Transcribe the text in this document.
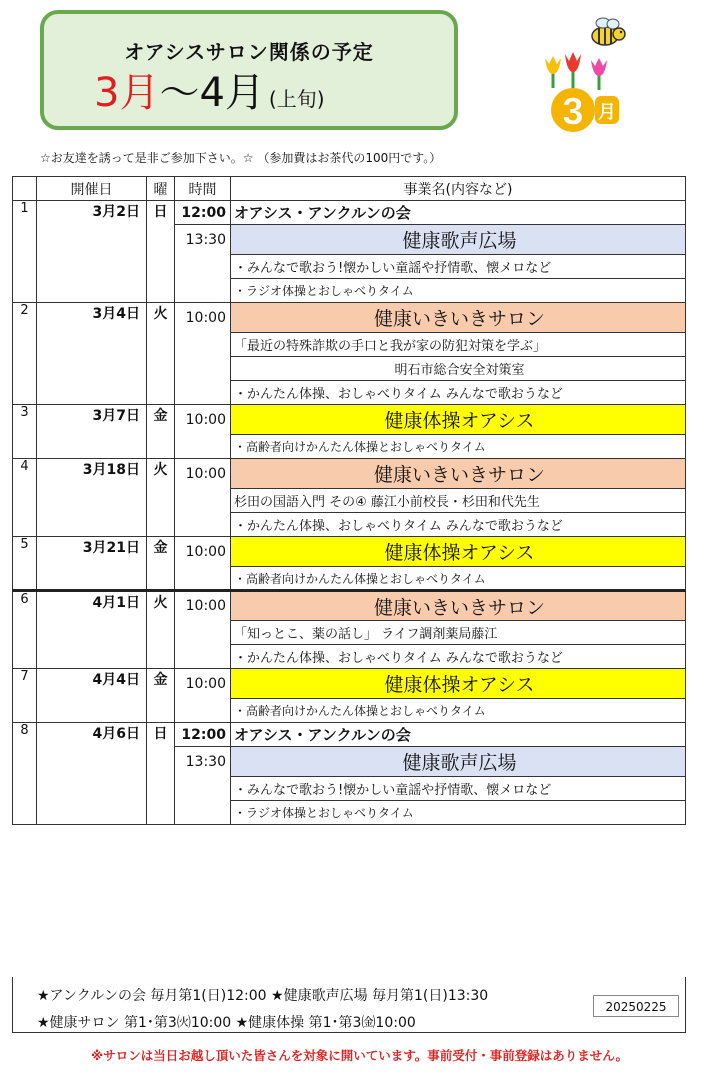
オアシスサロン関係の予定
3月〜4月 (上旬)	3 月
☆お友達を誘って是非ご参加下さい。☆ （参加費はお茶代の100円です。）
	開催日	曜	時間	事業名(内容など)
1	3月2日	日	12:00	オアシス・アンクルンの会
			13:30	健康歌声広場
				・みんなで歌おう!懐かしい童謡や抒情歌、懐メロなど
				・ラジオ体操とおしゃべりタイム
2	3月4日	火	10:00	健康いきいきサロン
				「最近の特殊詐欺の手口と我が家の防犯対策を学ぶ」
				明石市総合安全対策室
				・かんたん体操、おしゃべりタイム みんなで歌おうなど
3	3月7日	金	10:00	健康体操オアシス
				・高齢者向けかんたん体操とおしゃべりタイム
4	3月18日	火	10:00	健康いきいきサロン
				杉田の国語入門 その④ 藤江小前校長・杉田和代先生
				・かんたん体操、おしゃべりタイム みんなで歌おうなど
5	3月21日	金	10:00	健康体操オアシス
				・高齢者向けかんたん体操とおしゃべりタイム
6	4月1日	火	10:00	健康いきいきサロン
				「知っとこ、薬の話し」 ライフ調剤薬局藤江
				・かんたん体操、おしゃべりタイム みんなで歌おうなど
7	4月4日	金	10:00	健康体操オアシス
				・高齢者向けかんたん体操とおしゃべりタイム
8	4月6日	日	12:00	オアシス・アンクルンの会
			13:30	健康歌声広場
				・みんなで歌おう!懐かしい童謡や抒情歌、懐メロなど
				・ラジオ体操とおしゃべりタイム
★アンクルンの会 毎月第1(日)12:00 ★健康歌声広場 毎月第1(日)13:30
★健康サロン 第1･第3㈫10:00 ★健康体操 第1･第3㈮10:00
20250225
※サロンは当日お越し頂いた皆さんを対象に開いています。事前受付・事前登録はありません。
